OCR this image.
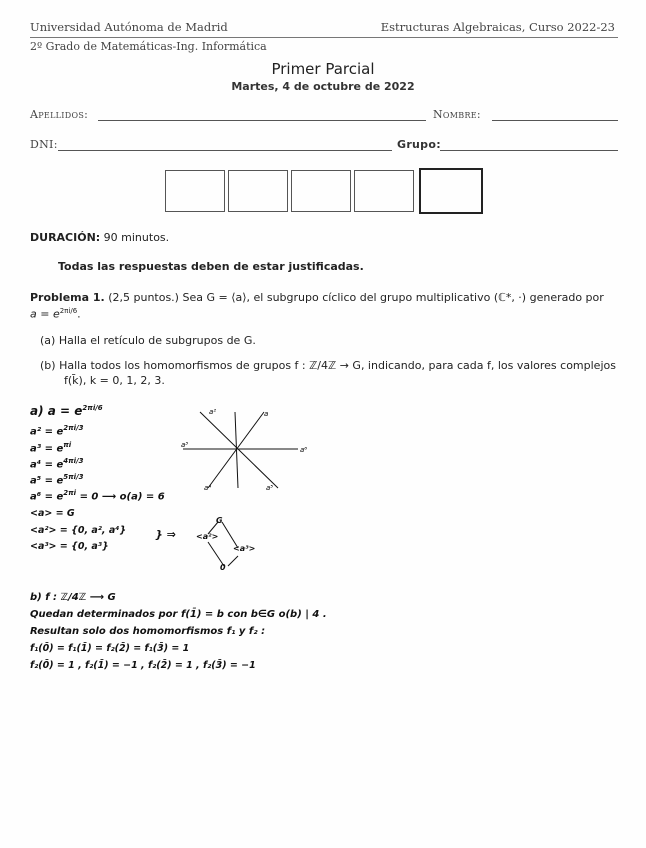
Universidad Autónoma de Madrid	Estructuras Algebraicas, Curso 2022-23
2º Grado de Matemáticas-Ing. Informática
Primer Parcial
Martes, 4 de octubre de 2022
Apellidos:	Nombre:
DNI:	Grupo:
DURACIÓN: 90 minutos.
Todas las respuestas deben de estar justificadas.
Problema 1. (2,5 puntos.) Sea G = ⟨a⟩, el subgrupo cíclico del grupo multiplicativo (ℂ*, ·) generado por
$a = e^{2\pi i/6}$.
(a) Halla el retículo de subgrupos de G.
(b) Halla todos los homomorfismos de grupos f : ℤ/4ℤ → G, indicando, para cada f, los valores complejos
f(k̄), k = 0, 1, 2, 3.
a) $a = e^{2\pi i/6}$
$a^2 = e^{2\pi i/3}$
$a^3 = e^{\pi i}$
$a^4 = e^{4\pi i/3}$
$a^5 = e^{5\pi i/3}$
$a^6 = e^{2\pi i} = 0$ ⟶ o(a) = 6
<a> = G
<a²> = {0, a², a⁴}
<a³> = {0, a³}
a²	a
a³
a⁶
a⁴	a⁵
} ⇒
G
<a²>
<a³>
0
b) f : ℤ/4ℤ ⟶ G
Quedan determinados por f(1̄) = b con b∈G o(b) | 4 .
Resultan solo dos homomorfismos f₁ y f₂ :
f₁(0̄) = f₁(1̄) = f₂(2̄) = f₁(3̄) = 1
f₂(0̄) = 1 , f₂(1̄) = −1 , f₂(2̄) = 1 , f₂(3̄) = −1
